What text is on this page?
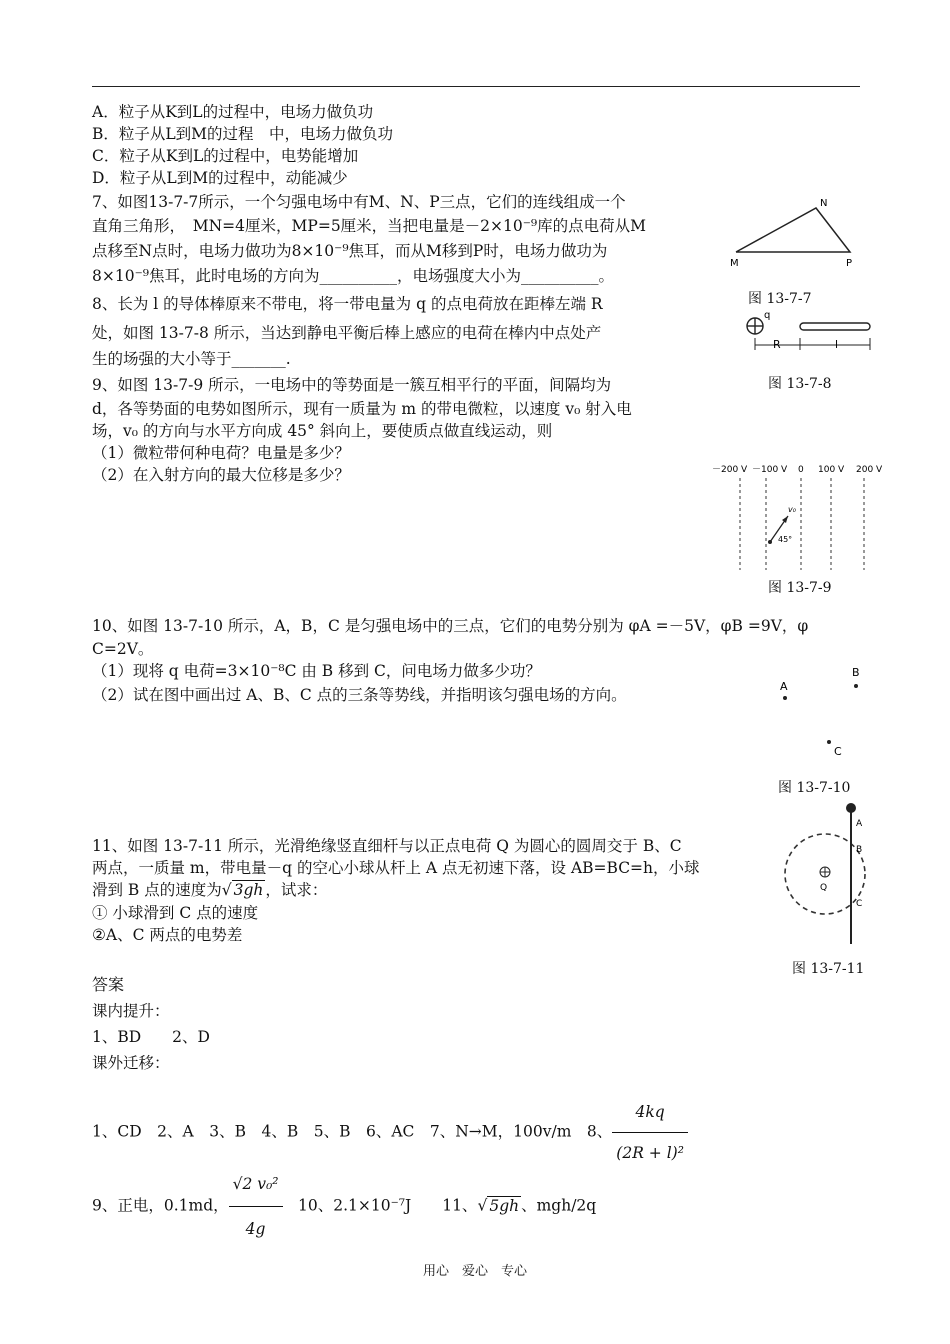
A．粒子从K到L的过程中，电场力做负功
B．粒子从L到M的过程　中，电场力做负功
C．粒子从K到L的过程中，电势能增加
D．粒子从L到M的过程中，动能减少
7、如图13-7-7所示，一个匀强电场中有M、N、P三点，它们的连线组成一个
直角三角形，　MN=4厘米，MP=5厘米，当把电量是－2×10⁻⁹库的点电荷从M
点移至N点时，电场力做功为8×10⁻⁹焦耳，而从M移到P时，电场力做功为
8×10⁻⁹焦耳，此时电场的方向为__________，电场强度大小为__________。
M
N
P
图 13-7-7
8、长为 l 的导体棒原来不带电，将一带电量为 q 的点电荷放在距棒左端 R
处，如图 13-7-8 所示，当达到静电平衡后棒上感应的电荷在棒内中点处产
生的场强的大小等于_______.
q
R	l
图 13-7-8
9、如图 13-7-9 所示，一电场中的等势面是一簇互相平行的平面，间隔均为
d，各等势面的电势如图所示，现有一质量为 m 的带电微粒，以速度 v₀ 射入电
场，v₀ 的方向与水平方向成 45° 斜向上，要使质点做直线运动，则
（1）微粒带何种电荷？电量是多少？
（2）在入射方向的最大位移是多少？	－200 V －100 V 0 100 V 200 V
v₀
45°
图 13-7-9
10、如图 13-7-10 所示，A，B，C 是匀强电场中的三点，它们的电势分别为 φA =－5V，φB =9V，φ
C=2V。
（1）现将 q 电荷=3×10⁻⁸C 由 B 移到 C，问电场力做多少功？
（2）试在图中画出过 A、B、C 点的三条等势线，并指明该匀强电场的方向。	A
B
C
图 13-7-10
11、如图 13-7-11 所示，光滑绝缘竖直细杆与以正点电荷 Q 为圆心的圆周交于 B、C
两点，一质量 m，带电量－q 的空心小球从杆上 A 点无初速下落，设 AB=BC=h，小球
滑到 B 点的速度为√ 3gh ，试求：
① 小球滑到 C 点的速度
②A、C 两点的电势差
A
B
C
Q
图 13-7-11
答案
课内提升：
1、BD　　2、D
课外迁移：
1、CD　2、A　3、B　4、B　5、B　6、AC　7、N→M，100v/m　8、 $\frac{4kq}{\text{(2R + l)²}}$
9、正电，0.1md， $\frac{\text{√2 v₀²}}{4g}$
　 10、2.1×10⁻⁷J　　11、√ 5gh 、mgh/2q
用心　爱心　专心
